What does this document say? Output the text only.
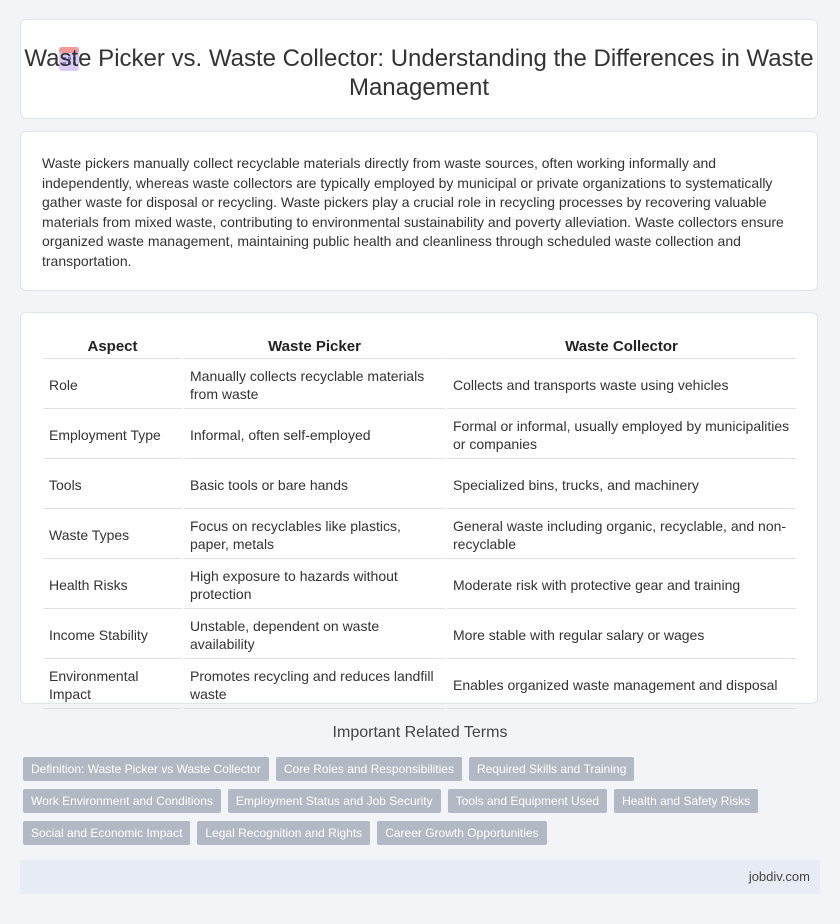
Waste Picker vs. Waste Collector: Understanding the Differences in Waste Management
Waste pickers manually collect recyclable materials directly from waste sources, often working informally and independently, whereas waste collectors are typically employed by municipal or private organizations to systematically gather waste for disposal or recycling. Waste pickers play a crucial role in recycling processes by recovering valuable materials from mixed waste, contributing to environmental sustainability and poverty alleviation. Waste collectors ensure organized waste management, maintaining public health and cleanliness through scheduled waste collection and transportation.
Aspect	Waste Picker	Waste Collector
Role	Manually collects recyclable materials from waste	Collects and transports waste using vehicles
Employment Type	Informal, often self-employed	Formal or informal, usually employed by municipalities or companies
Tools	Basic tools or bare hands	Specialized bins, trucks, and machinery
Waste Types	Focus on recyclables like plastics, paper, metals	General waste including organic, recyclable, and non-recyclable
Health Risks	High exposure to hazards without protection	Moderate risk with protective gear and training
Income Stability	Unstable, dependent on waste availability	More stable with regular salary or wages
Environmental Impact	Promotes recycling and reduces landfill waste	Enables organized waste management and disposal
Important Related Terms
Definition: Waste Picker vs Waste Collector	Core Roles and Responsibilities	Required Skills and Training
Work Environment and Conditions	Employment Status and Job Security	Tools and Equipment Used	Health and Safety Risks
Social and Economic Impact	Legal Recognition and Rights	Career Growth Opportunities
jobdiv.com
